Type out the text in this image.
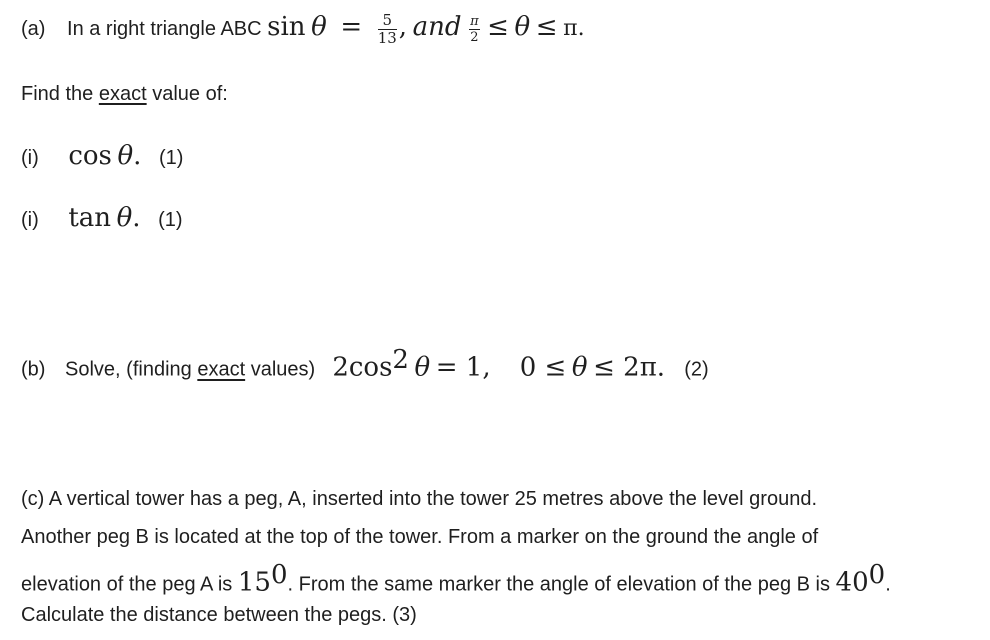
(a) In a right triangle ABC $\sin \theta = \frac{5}{13}$ , and $\frac{\pi}{2} \le \theta \le \pi$.
Find the exact value of:
(i) cos θ. (1)
(i) tan θ. (1)
(b) Solve, (finding exact values) $2\cos^2$ θ = 1, 0 ≤ θ ≤ 2π. (2)
(c) A vertical tower has a peg, A, inserted into the tower 25 metres above the level ground.
Another peg B is located at the top of the tower. From a marker on the ground the angle of
elevation of the peg A is $15^0$. From the same marker the angle of elevation of the peg B is $40^0$.
Calculate the distance between the pegs. (3)
